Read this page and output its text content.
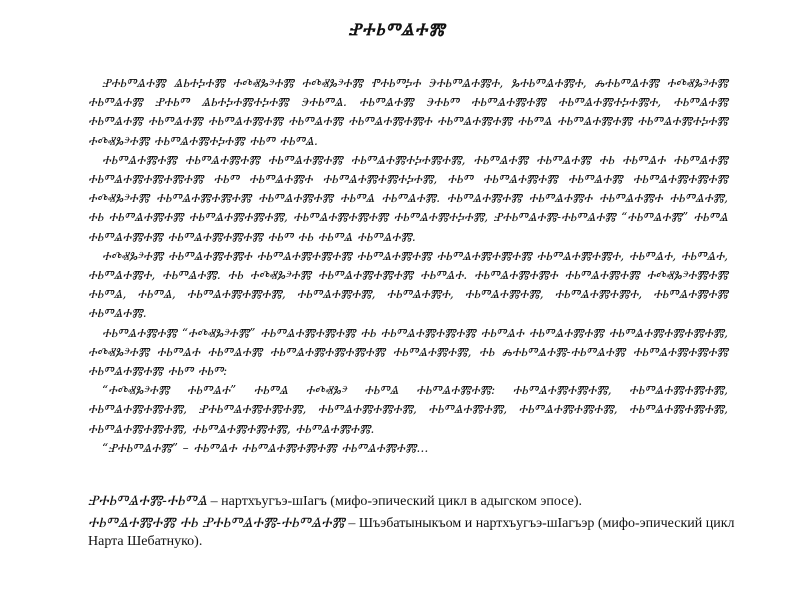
ⰐⰀⰓⰕⰡⰀⰏ

ⰐⰀⰓⰕⰡⰀⰏ ⰡⰓⰀⰍⰀⰏ ⰀⰄⰟⰃⰵⰀⰏ ⰀⰄⰟⰃⰵⰀⰏ ⰒⰀⰓⰕⰍⰀ ⰅⰀⰓⰕⰡⰀⰏⰀ, ⰃⰀⰓⰕⰡⰀⰏⰀ, ⰎⰀⰓⰕⰡⰀⰏ ⰀⰄⰟⰃⰵⰀⰏ ⰀⰓⰕⰡⰀⰏ ⰐⰀⰓⰕ ⰡⰓⰀⰍⰀⰏⰀⰍⰀⰏ ⰅⰀⰓⰕⰡ. ⰀⰓⰕⰡⰀⰏ ⰅⰀⰓⰕ ⰀⰓⰕⰡⰀⰏⰀⰏ ⰀⰓⰕⰡⰀⰏⰀⰍⰀⰏⰀ, ⰀⰓⰕⰡⰀⰏ ⰀⰓⰕⰡⰀⰏ ⰀⰓⰕⰡⰀⰏ ⰀⰓⰕⰡⰀⰏⰀⰏ ⰀⰓⰕⰡⰀⰏ ⰀⰓⰕⰡⰀⰏⰀⰏⰀ ⰀⰓⰕⰡⰀⰏⰀⰏ ⰀⰓⰕⰡ ⰀⰓⰕⰡⰀⰏⰀⰏ ⰀⰓⰕⰡⰀⰏⰀⰍⰀⰏ ⰀⰄⰟⰃⰵⰀⰏ ⰀⰓⰕⰡⰀⰏⰀⰍⰀⰏ ⰀⰓⰕ ⰀⰓⰕⰡ.

ⰀⰓⰕⰡⰀⰏⰀⰏ ⰀⰓⰕⰡⰀⰏⰀⰏ ⰀⰓⰕⰡⰀⰏⰀⰏ ⰀⰓⰕⰡⰀⰏⰀⰍⰀⰏⰀⰏ, ⰀⰓⰕⰡⰀⰏ ⰀⰓⰕⰡⰀⰏ ⰀⰓ ⰀⰓⰕⰡⰀ ⰀⰓⰕⰡⰀⰏ ⰀⰓⰕⰡⰀⰏⰀⰏⰀⰏⰀⰏ ⰀⰓⰕ ⰀⰓⰕⰡⰀⰏⰀ ⰀⰓⰕⰡⰀⰏⰀⰏⰀⰍⰀⰏ, ⰀⰓⰕ ⰀⰓⰕⰡⰀⰏⰀⰏ ⰀⰓⰕⰡⰀⰏ ⰀⰓⰕⰡⰀⰏⰀⰏⰀⰏ ⰀⰄⰟⰃⰵⰀⰏ ⰀⰓⰕⰡⰀⰏⰀⰏⰀⰏ ⰀⰓⰕⰡⰀⰏⰀⰏ ⰀⰓⰕⰡ ⰀⰓⰕⰡⰀⰏ. ⰀⰓⰕⰡⰀⰏⰀⰏ ⰀⰓⰕⰡⰀⰏⰀ ⰀⰓⰕⰡⰀⰏⰀ ⰀⰓⰕⰡⰀⰏ, ⰀⰓ ⰀⰓⰕⰡⰀⰏⰀⰏ ⰀⰓⰕⰡⰀⰏⰀⰏⰀⰏ, ⰀⰓⰕⰡⰀⰏⰀⰏⰀⰏ ⰀⰓⰕⰡⰀⰏⰀⰍⰀⰏ, ⰐⰀⰓⰕⰡⰀⰏ-ⰀⰓⰕⰡⰀⰏ “ⰀⰓⰕⰡⰀⰏ” ⰀⰓⰕⰡ ⰀⰓⰕⰡⰀⰏⰀⰏ ⰀⰓⰕⰡⰀⰏⰀⰏⰀⰏ ⰀⰓⰕ ⰀⰓ ⰀⰓⰕⰡ ⰀⰓⰕⰡⰀⰏ.

ⰀⰄⰟⰃⰵⰀⰏ ⰀⰓⰕⰡⰀⰏⰀⰏⰀ ⰀⰓⰕⰡⰀⰏⰀⰏⰀⰏ ⰀⰓⰕⰡⰀⰏⰀⰏ ⰀⰓⰕⰡⰀⰏⰀⰏⰀⰏ ⰀⰓⰕⰡⰀⰏⰀⰏⰀ, ⰀⰓⰕⰡⰀ, ⰀⰓⰕⰡⰀ, ⰀⰓⰕⰡⰀⰏⰀ, ⰀⰓⰕⰡⰀⰏ. ⰀⰓ ⰀⰄⰟⰃⰵⰀⰏ ⰀⰓⰕⰡⰀⰏⰀⰏⰀⰏ ⰀⰓⰕⰡⰀ. ⰀⰓⰕⰡⰀⰏⰀⰏⰀ ⰀⰓⰕⰡⰀⰏⰀⰏ ⰀⰄⰟⰃⰵⰀⰏⰀⰏ ⰀⰓⰕⰡ, ⰀⰓⰕⰡ, ⰀⰓⰕⰡⰀⰏⰀⰏⰀⰏ, ⰀⰓⰕⰡⰀⰏⰀⰏ, ⰀⰓⰕⰡⰀⰏⰀ, ⰀⰓⰕⰡⰀⰏⰀⰏ, ⰀⰓⰕⰡⰀⰏⰀⰏⰀ, ⰀⰓⰕⰡⰀⰏⰀⰏ ⰀⰓⰕⰡⰀⰏ.

ⰀⰓⰕⰡⰀⰏⰀⰏ “ⰀⰄⰟⰃⰵⰀⰏ” ⰀⰓⰕⰡⰀⰏⰀⰏⰀⰏ ⰀⰓ ⰀⰓⰕⰡⰀⰏⰀⰏⰀⰏ ⰀⰓⰕⰡⰀ ⰀⰓⰕⰡⰀⰏⰀⰏ ⰀⰓⰕⰡⰀⰏⰀⰏⰀⰏⰀⰏ, ⰀⰄⰟⰃⰵⰀⰏ ⰀⰓⰕⰡⰀ ⰀⰓⰕⰡⰀⰏ ⰀⰓⰕⰡⰀⰏⰀⰏⰀⰏⰀⰏ ⰀⰓⰕⰡⰀⰏⰀⰏ, ⰀⰓ ⰎⰀⰓⰕⰡⰀⰏ-ⰀⰓⰕⰡⰀⰏ ⰀⰓⰕⰡⰀⰏⰀⰏⰀⰏ ⰀⰓⰕⰡⰀⰏⰀⰏ ⰀⰓⰕ ⰀⰓⰕ:

“ⰀⰄⰟⰃⰵⰀⰏ ⰀⰓⰕⰡⰀ” ⰀⰓⰕⰡ ⰀⰄⰟⰃⰵ ⰀⰓⰕⰡ ⰀⰓⰕⰡⰀⰏⰀⰏ: ⰀⰓⰕⰡⰀⰏⰀⰏⰀⰏ, ⰀⰓⰕⰡⰀⰏⰀⰏⰀⰏ, ⰀⰓⰕⰡⰀⰏⰀⰏⰀⰏ, ⰐⰀⰓⰕⰡⰀⰏⰀⰏⰀⰏ, ⰀⰓⰕⰡⰀⰏⰀⰏⰀⰏ, ⰀⰓⰕⰡⰀⰏⰀⰏ, ⰀⰓⰕⰡⰀⰏⰀⰏⰀⰏ, ⰀⰓⰕⰡⰀⰏⰀⰏⰀⰏ, ⰀⰓⰕⰡⰀⰏⰀⰏⰀⰏ, ⰀⰓⰕⰡⰀⰏⰀⰏⰀⰏ, ⰀⰓⰕⰡⰀⰏⰀⰏ.

“ⰐⰀⰓⰕⰡⰀⰏ” – ⰀⰓⰕⰡⰀ ⰀⰓⰕⰡⰀⰏⰀⰏⰀⰏ ⰀⰓⰕⰡⰀⰏⰀⰏ…

ⰐⰀⰓⰕⰡⰀⰏ-ⰀⰓⰕⰡ – нартхъугъэ-шIагъ (мифо-эпический цикл в адыгском эпосе).

ⰀⰓⰕⰡⰀⰏⰀⰏ ⰀⰓ ⰐⰀⰓⰕⰡⰀⰏ-ⰀⰓⰕⰡⰀⰏ – Шъэбатыныкъом и нартхъугъэ-шIагъэр (мифо-эпический цикл Нарта Шебатнуко).
